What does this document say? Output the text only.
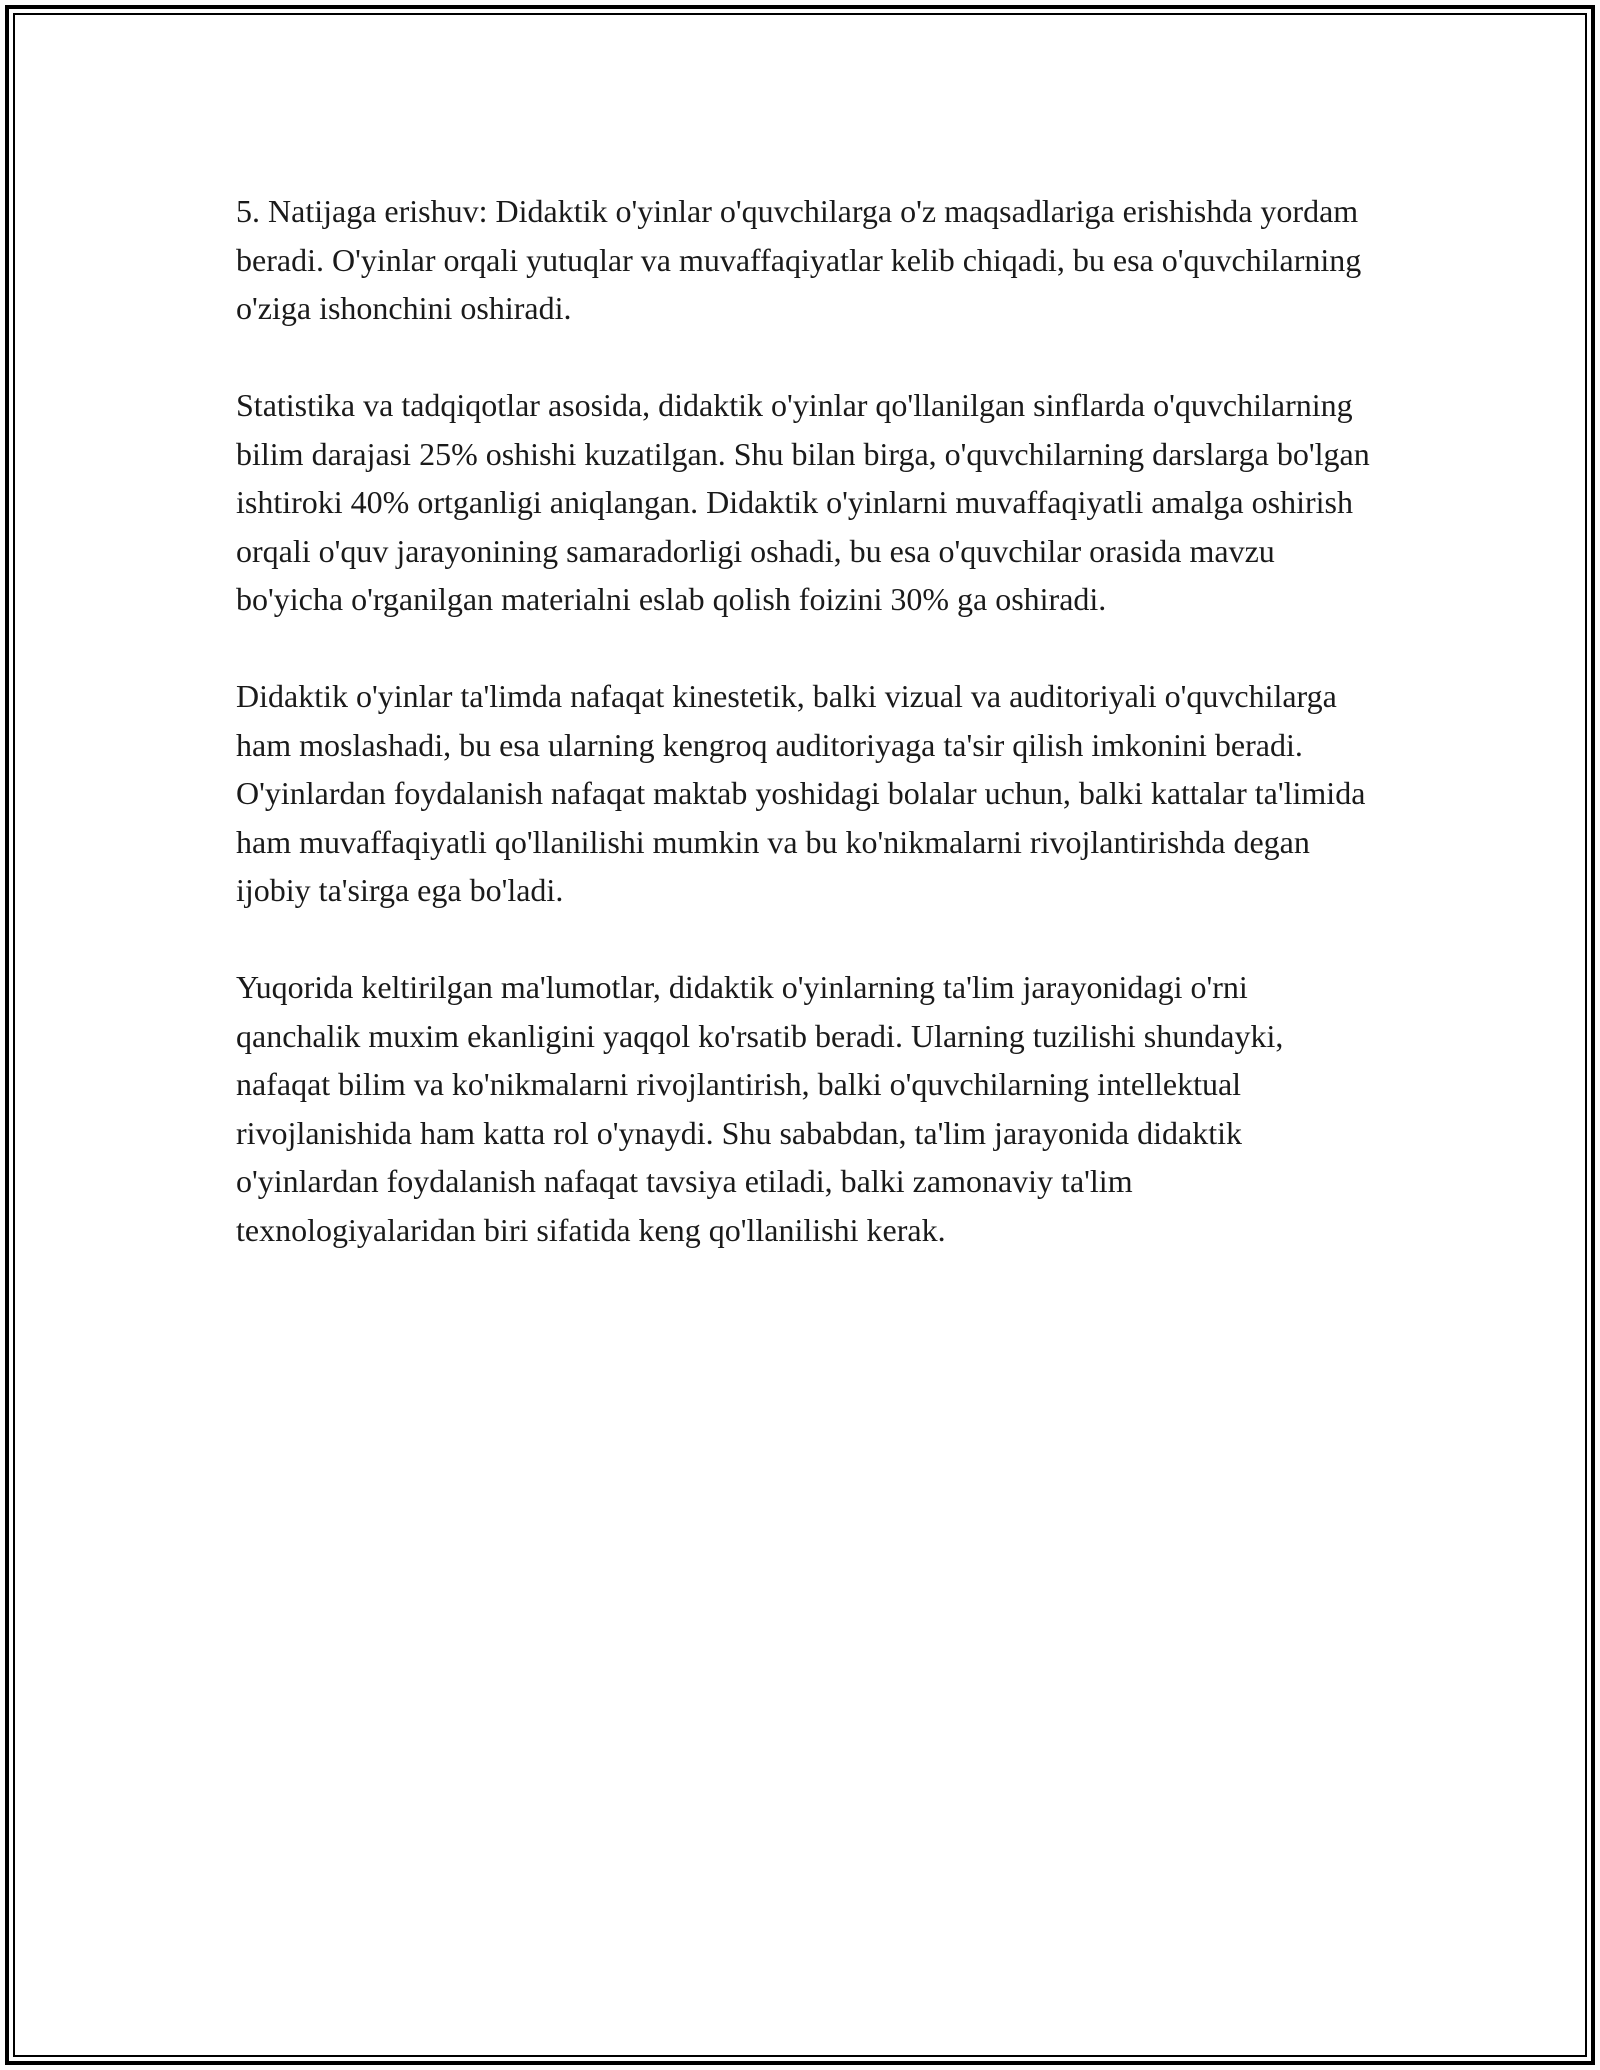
5. Natijaga erishuv: Didaktik o'yinlar o'quvchilarga o'z maqsadlariga erishishda yordam beradi. O'yinlar orqali yutuqlar va muvaffaqiyatlar kelib chiqadi, bu esa o'quvchilarning o'ziga ishonchini oshiradi.

Statistika va tadqiqotlar asosida, didaktik o'yinlar qo'llanilgan sinflarda o'quvchilarning bilim darajasi 25% oshishi kuzatilgan. Shu bilan birga, o'quvchilarning darslarga bo'lgan ishtiroki 40% ortganligi aniqlangan. Didaktik o'yinlarni muvaffaqiyatli amalga oshirish orqali o'quv jarayonining samaradorligi oshadi, bu esa o'quvchilar orasida mavzu bo'yicha o'rganilgan materialni eslab qolish foizini 30% ga oshiradi.

Didaktik o'yinlar ta'limda nafaqat kinestetik, balki vizual va auditoriyali o'quvchilarga ham moslashadi, bu esa ularning kengroq auditoriyaga ta'sir qilish imkonini beradi. O'yinlardan foydalanish nafaqat maktab yoshidagi bolalar uchun, balki kattalar ta'limida ham muvaffaqiyatli qo'llanilishi mumkin va bu ko'nikmalarni rivojlantirishda degan ijobiy ta'sirga ega bo'ladi.

Yuqorida keltirilgan ma'lumotlar, didaktik o'yinlarning ta'lim jarayonidagi o'rni qanchalik muxim ekanligini yaqqol ko'rsatib beradi. Ularning tuzilishi shundayki, nafaqat bilim va ko'nikmalarni rivojlantirish, balki o'quvchilarning intellektual rivojlanishida ham katta rol o'ynaydi. Shu sababdan, ta'lim jarayonida didaktik o'yinlardan foydalanish nafaqat tavsiya etiladi, balki zamonaviy ta'lim texnologiyalaridan biri sifatida keng qo'llanilishi kerak.
